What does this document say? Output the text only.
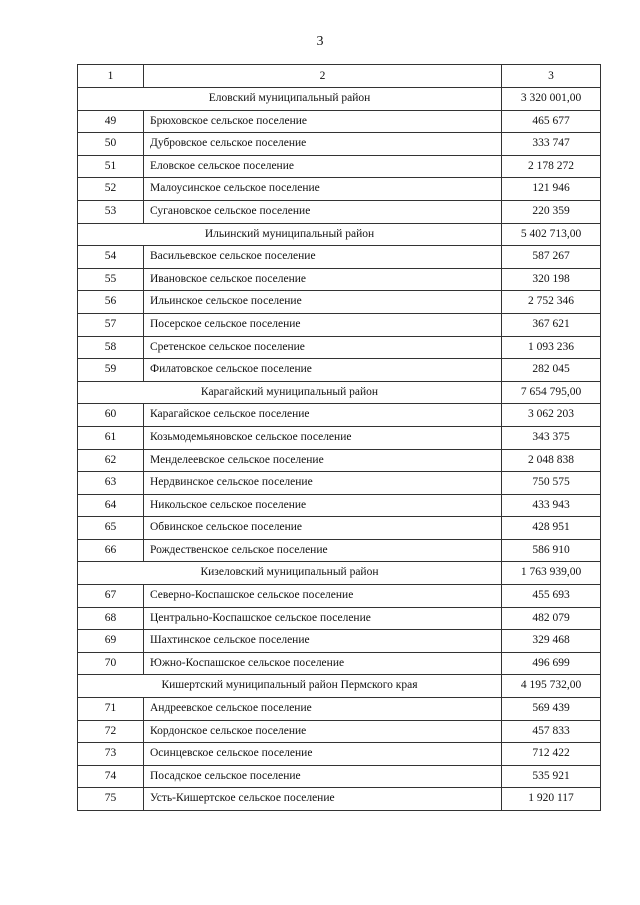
3
1	2	3
Еловский муниципальный район		3 320 001,00
49	Брюховское сельское поселение	465 677
50	Дубровское сельское поселение	333 747
51	Еловское сельское поселение	2 178 272
52	Малоусинское сельское поселение	121 946
53	Сугановское сельское поселение	220 359
Ильинский муниципальный район		5 402 713,00
54	Васильевское сельское поселение	587 267
55	Ивановское сельское поселение	320 198
56	Ильинское сельское поселение	2 752 346
57	Посерское сельское поселение	367 621
58	Сретенское сельское поселение	1 093 236
59	Филатовское сельское поселение	282 045
Карагайский муниципальный район		7 654 795,00
60	Карагайское сельское поселение	3 062 203
61	Козьмодемьяновское сельское поселение	343 375
62	Менделеевское сельское поселение	2 048 838
63	Нердвинское сельское поселение	750 575
64	Никольское сельское поселение	433 943
65	Обвинское сельское поселение	428 951
66	Рождественское сельское поселение	586 910
Кизеловский муниципальный район		1 763 939,00
67	Северно-Коспашское сельское поселение	455 693
68	Центрально-Коспашское сельское поселение	482 079
69	Шахтинское сельское поселение	329 468
70	Южно-Коспашское сельское поселение	496 699
Кишертский муниципальный район Пермского края		4 195 732,00
71	Андреевское сельское поселение	569 439
72	Кордонское сельское поселение	457 833
73	Осинцевское сельское поселение	712 422
74	Посадское сельское поселение	535 921
75	Усть-Кишертское сельское поселение	1 920 117
